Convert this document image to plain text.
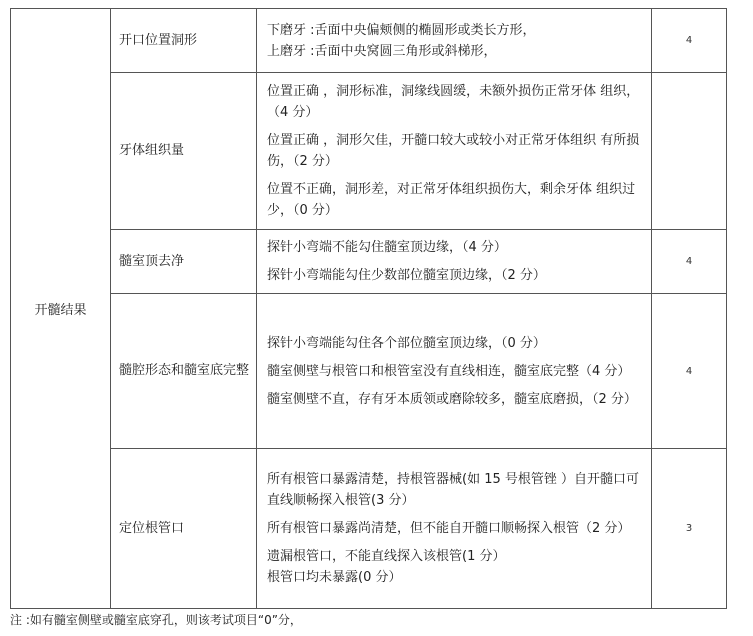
开髓结果	开口位置洞形	下磨牙 :舌面中央偏颊侧的椭圆形或类长方形，

上磨牙 :舌面中央窝圆三角形或斜梯形，	4
	牙体组织量	位置正确 ，洞形标准，洞缘线圆缓，未额外损伤正常牙体 组织，（4 分）

位置正确 ，洞形欠佳，开髓口较大或较小对正常牙体组织 有所损伤，（2 分）

位置不正确，洞形差，对正常牙体组织损伤大，剩余牙体 组织过少，（0 分）	

	髓室顶去净	探针小弯端不能勾住髓室顶边缘，（4 分）

探针小弯端能勾住少数部位髓室顶边缘，（2 分）	4
	髓腔形态和髓室底完整	探针小弯端能勾住各个部位髓室顶边缘，（0 分）

髓室侧壁与根管口和根管室没有直线相连，髓室底完整（4 分）

髓室侧壁不直，存有牙本质领或磨除较多，髓室底磨损，（2 分）	4
	定位根管口	所有根管口暴露清楚，持根管器械(如 15 号根管锉 ）自开髓口可直线顺畅探入根管(3 分）

所有根管口暴露尚清楚，但不能自开髓口顺畅探入根管（2 分）

遗漏根管口，不能直线探入该根管(1 分）

根管口均未暴露(0 分）	3
注 :如有髓室侧壁或髓室底穿孔，则该考试项目“0”分，
